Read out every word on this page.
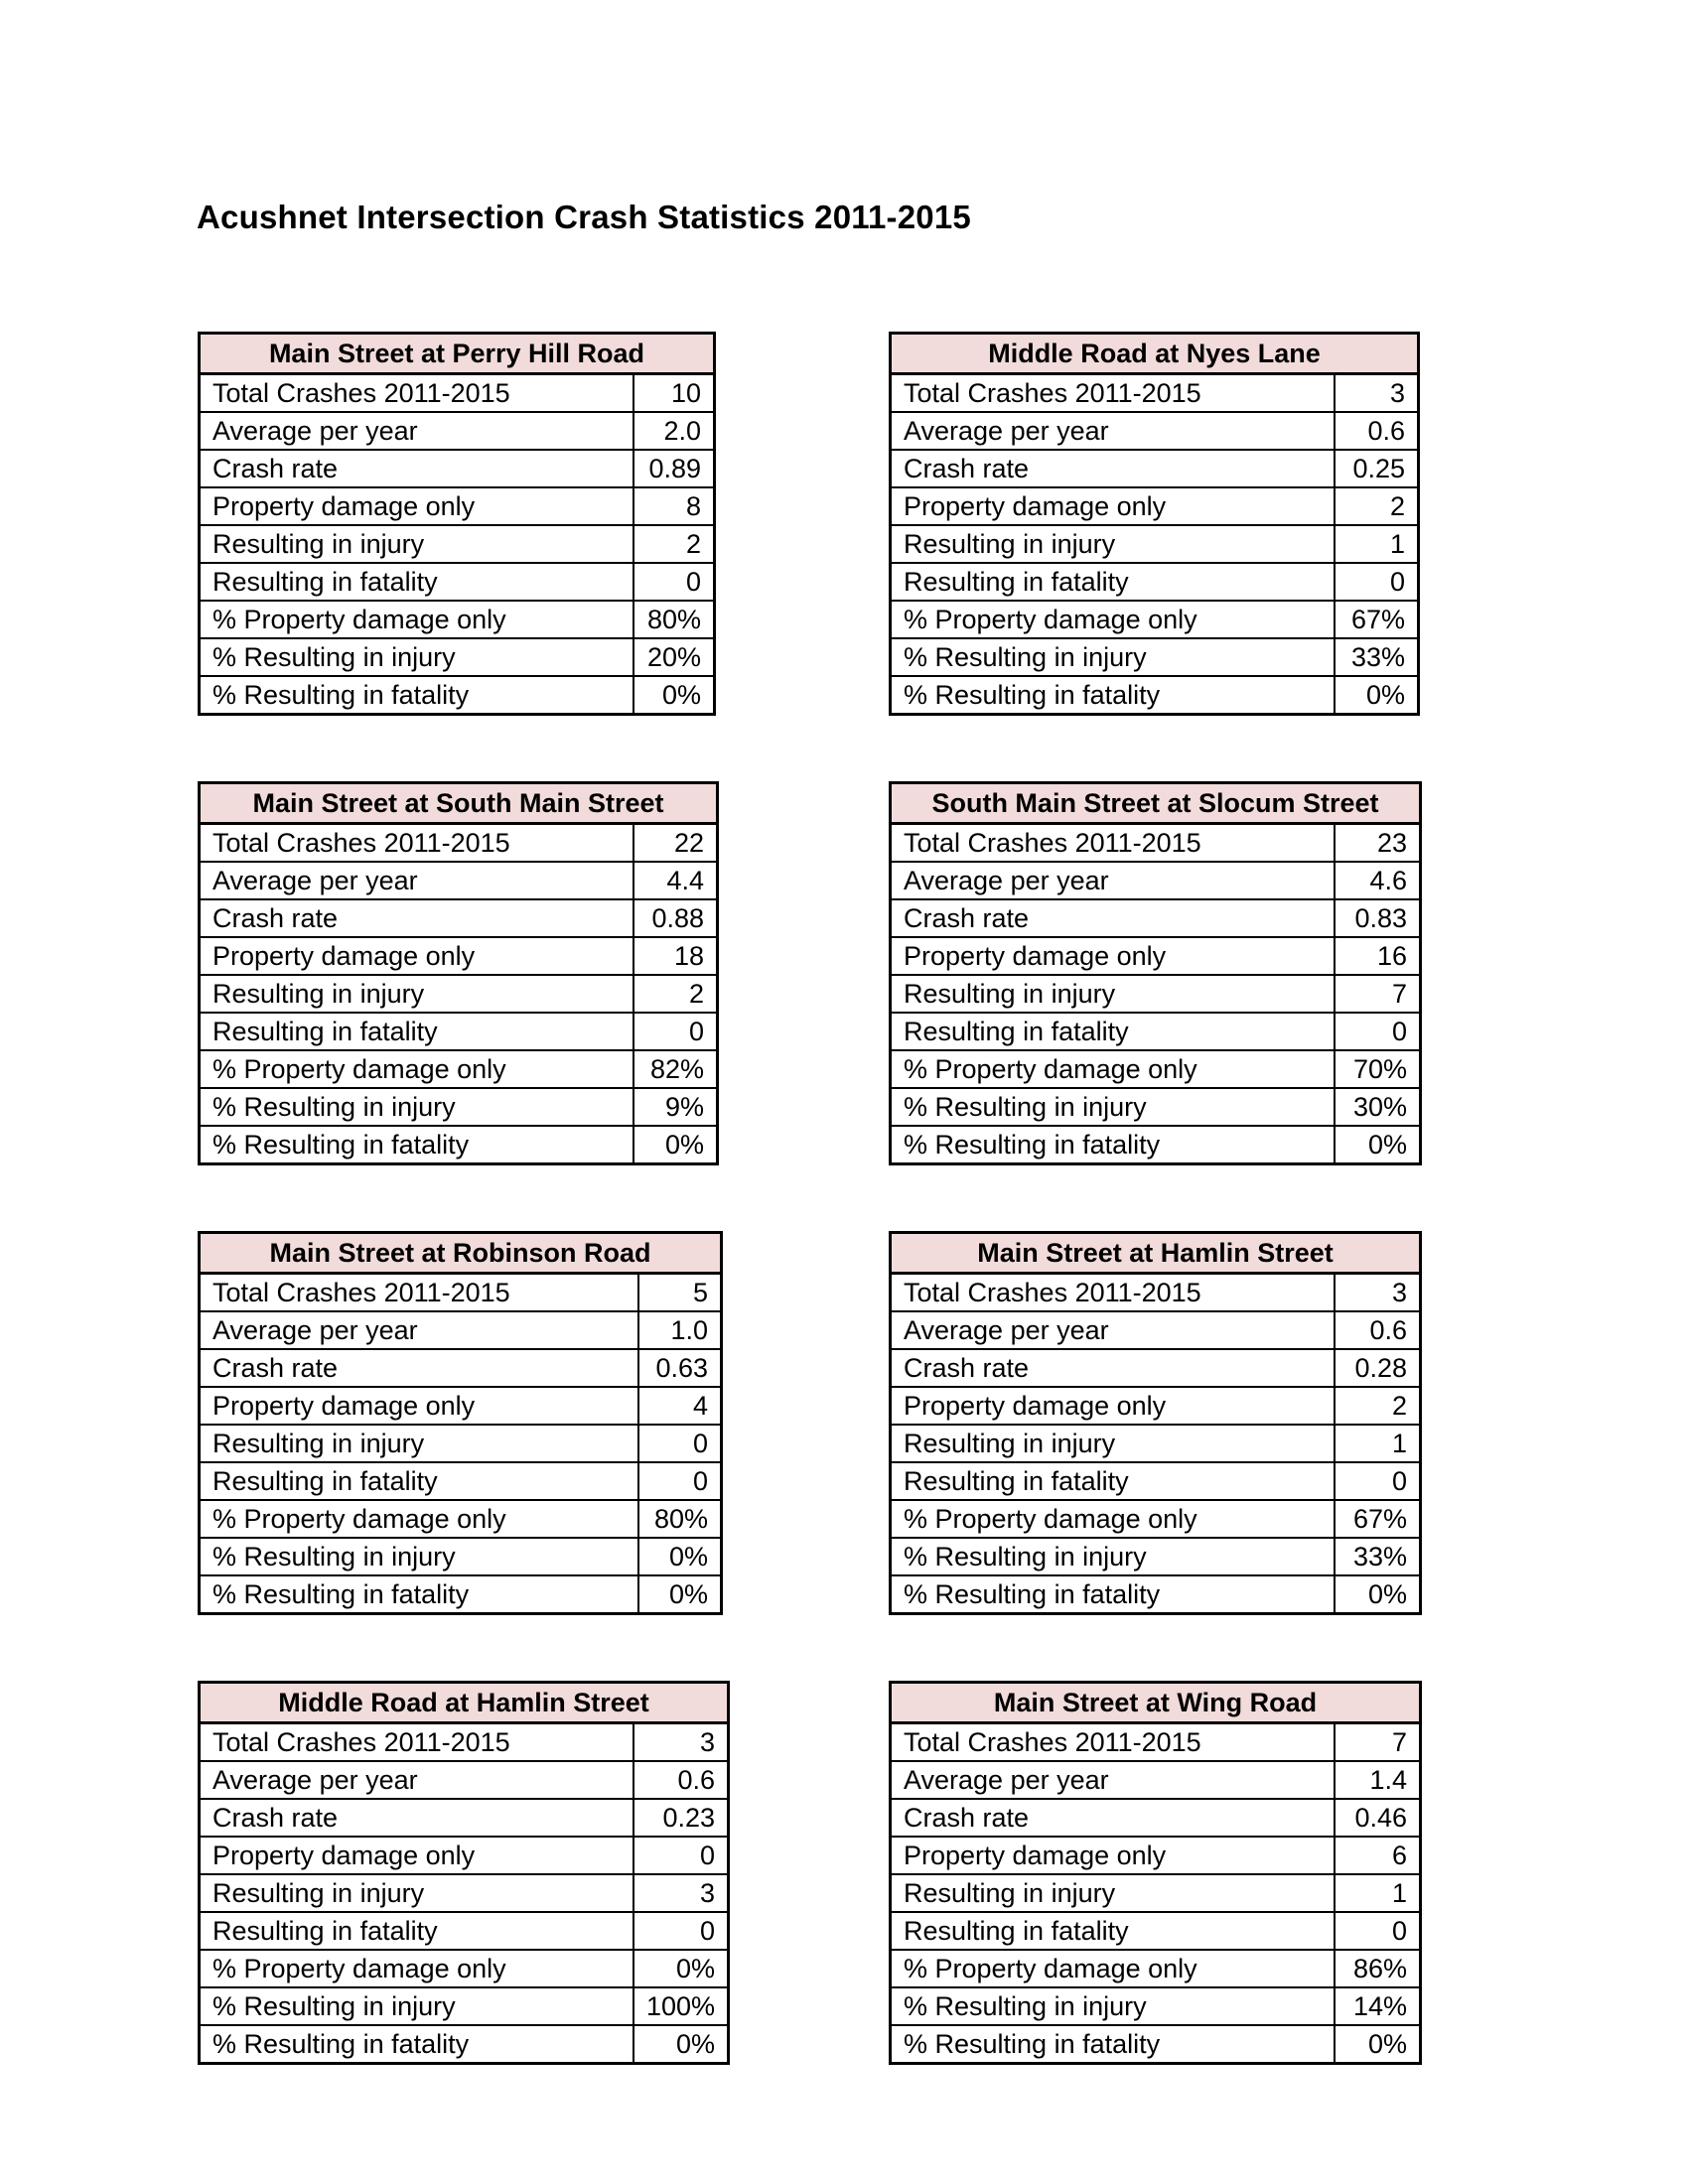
Acushnet Intersection Crash Statistics 2011-2015
Main Street at Perry Hill Road	
Total Crashes 2011-2015	10
Average per year	2.0
Crash rate	0.89
Property damage only	8
Resulting in injury	2
Resulting in fatality	0
% Property damage only	80%
% Resulting in injury	20%
% Resulting in fatality	0%
Middle Road at Nyes Lane	
Total Crashes 2011-2015	3
Average per year	0.6
Crash rate	0.25
Property damage only	2
Resulting in injury	1
Resulting in fatality	0
% Property damage only	67%
% Resulting in injury	33%
% Resulting in fatality	0%
Main Street at South Main Street	
Total Crashes 2011-2015	22
Average per year	4.4
Crash rate	0.88
Property damage only	18
Resulting in injury	2
Resulting in fatality	0
% Property damage only	82%
% Resulting in injury	9%
% Resulting in fatality	0%
South Main Street at Slocum Street	
Total Crashes 2011-2015	23
Average per year	4.6
Crash rate	0.83
Property damage only	16
Resulting in injury	7
Resulting in fatality	0
% Property damage only	70%
% Resulting in injury	30%
% Resulting in fatality	0%
Main Street at Robinson Road	
Total Crashes 2011-2015	5
Average per year	1.0
Crash rate	0.63
Property damage only	4
Resulting in injury	0
Resulting in fatality	0
% Property damage only	80%
% Resulting in injury	0%
% Resulting in fatality	0%
Main Street at Hamlin Street	
Total Crashes 2011-2015	3
Average per year	0.6
Crash rate	0.28
Property damage only	2
Resulting in injury	1
Resulting in fatality	0
% Property damage only	67%
% Resulting in injury	33%
% Resulting in fatality	0%
Middle Road at Hamlin Street	
Total Crashes 2011-2015	3
Average per year	0.6
Crash rate	0.23
Property damage only	0
Resulting in injury	3
Resulting in fatality	0
% Property damage only	0%
% Resulting in injury	100%
% Resulting in fatality	0%
Main Street at Wing Road	
Total Crashes 2011-2015	7
Average per year	1.4
Crash rate	0.46
Property damage only	6
Resulting in injury	1
Resulting in fatality	0
% Property damage only	86%
% Resulting in injury	14%
% Resulting in fatality	0%
